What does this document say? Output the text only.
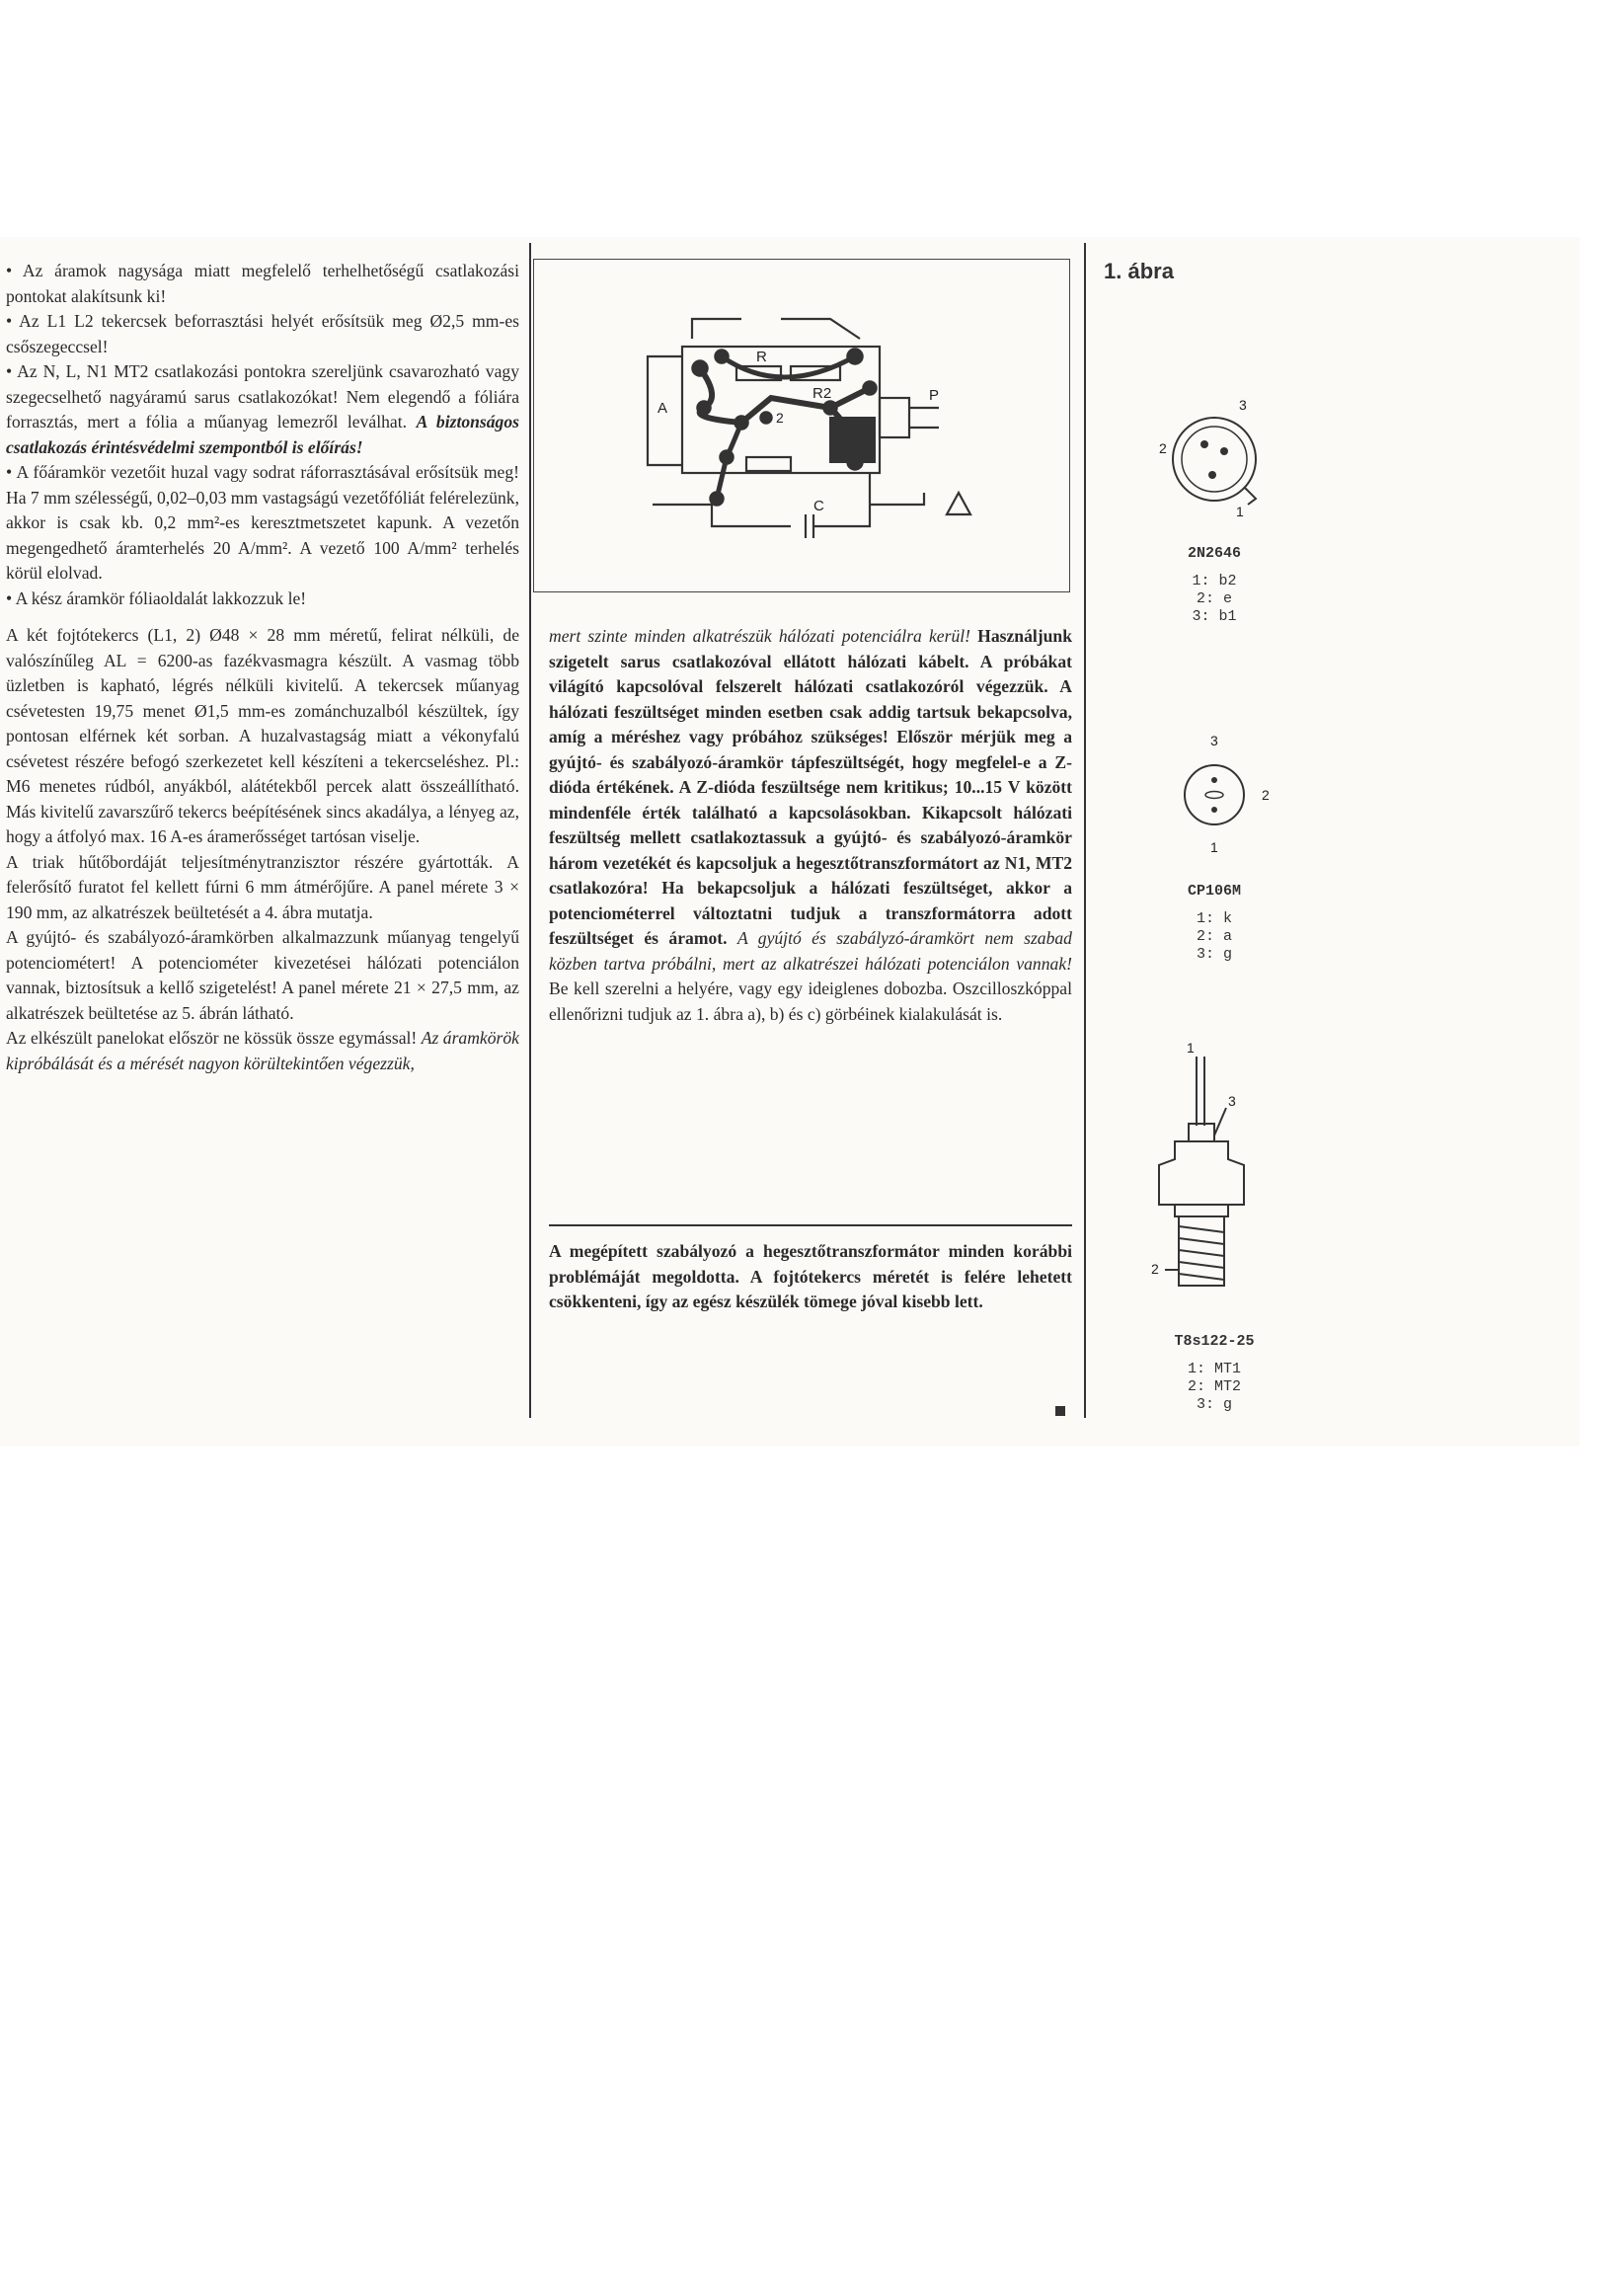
• Az áramok nagysága miatt megfelelő terhelhetőségű csatlakozási pontokat alakítsunk ki!

• Az L1 L2 tekercsek beforrasztási helyét erősítsük meg Ø2,5 mm-es csőszegeccsel!

• Az N, L, N1 MT2 csatlakozási pontokra szereljünk csavarozható vagy szegecselhető nagyáramú sarus csatlakozókat! Nem elegendő a fóliára forrasztás, mert a fólia a műanyag lemezről leválhat. A biztonságos csatlakozás érintésvédelmi szempontból is előírás!

• A főáramkör vezetőit huzal vagy sodrat ráforrasztásával erősítsük meg! Ha 7 mm szélességű, 0,02–0,03 mm vastagságú vezetőfóliát felérelezünk, akkor is csak kb. 0,2 mm²-es keresztmetszetet kapunk. A vezetőn megengedhető áramterhelés 20 A/mm². A vezető 100 A/mm² terhelés körül elolvad.

• A kész áramkör fóliaoldalát lakkozzuk le!

A két fojtótekercs (L1, 2) Ø48 × 28 mm méretű, felirat nélküli, de valószínűleg AL = 6200-as fazékvasmagra készült. A vasmag több üzletben is kapható, légrés nélküli kivitelű. A tekercsek műanyag csévetesten 19,75 menet Ø1,5 mm-es zománchuzalból készültek, így pontosan elférnek két sorban. A huzalvastagság miatt a vékonyfalú csévetest részére befogó szerkezetet kell készíteni a tekercseléshez. Pl.: M6 menetes rúdból, anyákból, alátétekből percek alatt összeállítható. Más kivitelű zavarszűrő tekercs beépítésének sincs akadálya, a lényeg az, hogy a átfolyó max. 16 A-es áramerősséget tartósan viselje.

A triak hűtőbordáját teljesítménytranzisztor részére gyártották. A felerősítő furatot fel kellett fúrni 6 mm átmérőjűre. A panel mérete 3 × 190 mm, az alkatrészek beültetését a 4. ábra mutatja.

A gyújtó- és szabályozó-áramkörben alkalmazzunk műanyag tengelyű potenciométert! A potenciométer kivezetései hálózati potenciálon vannak, biztosítsuk a kellő szigetelést! A panel mérete 21 × 27,5 mm, az alkatrészek beültetése az 5. ábrán látható.

Az elkészült panelokat először ne kössük össze egymással! Az áramkörök kipróbálását és a mérését nagyon körültekintően végezzük,

R
R2
A
C
P
2

mert szinte minden alkatrészük hálózati potenciálra kerül! Használjunk szigetelt sarus csatlakozóval ellátott hálózati kábelt. A próbákat világító kapcsolóval felszerelt hálózati csatlakozóról végezzük. A hálózati feszültséget minden esetben csak addig tartsuk bekapcsolva, amíg a méréshez vagy próbához szükséges! Először mérjük meg a gyújtó- és szabályozó-áramkör tápfeszültségét, hogy megfelel-e a Z-dióda értékének. A Z-dióda feszültsége nem kritikus; 10...15 V között mindenféle érték található a kapcsolásokban. Kikapcsolt hálózati feszültség mellett csatlakoztassuk a gyújtó- és szabályozó-áramkör három vezetékét és kapcsoljuk a hegesztőtranszformátort az N1, MT2 csatlakozóra! Ha bekapcsoljuk a hálózati feszültséget, akkor a potenciométerrel változtatni tudjuk a transzformátorra adott feszültséget és áramot. A gyújtó és szabályzó-áramkört nem szabad közben tartva próbálni, mert az alkatrészei hálózati potenciálon vannak! Be kell szerelni a helyére, vagy egy ideiglenes dobozba. Oszcilloszkóppal ellenőrizni tudjuk az 1. ábra a), b) és c) görbéinek kialakulását is.

A megépített szabályozó a hegesztőtranszformátor minden korábbi problémáját megoldotta. A fojtótekercs méretét is felére lehetett csökkenteni, így az egész készülék tömege jóval kisebb lett.

1. ábra
3
2
1
2N2646
1: b2
2: e
3: b1
3
2
1
CP106M
1: k
2: a
3: g
1
3
2
T8s122-25
1: MT1
2: MT2
3: g
